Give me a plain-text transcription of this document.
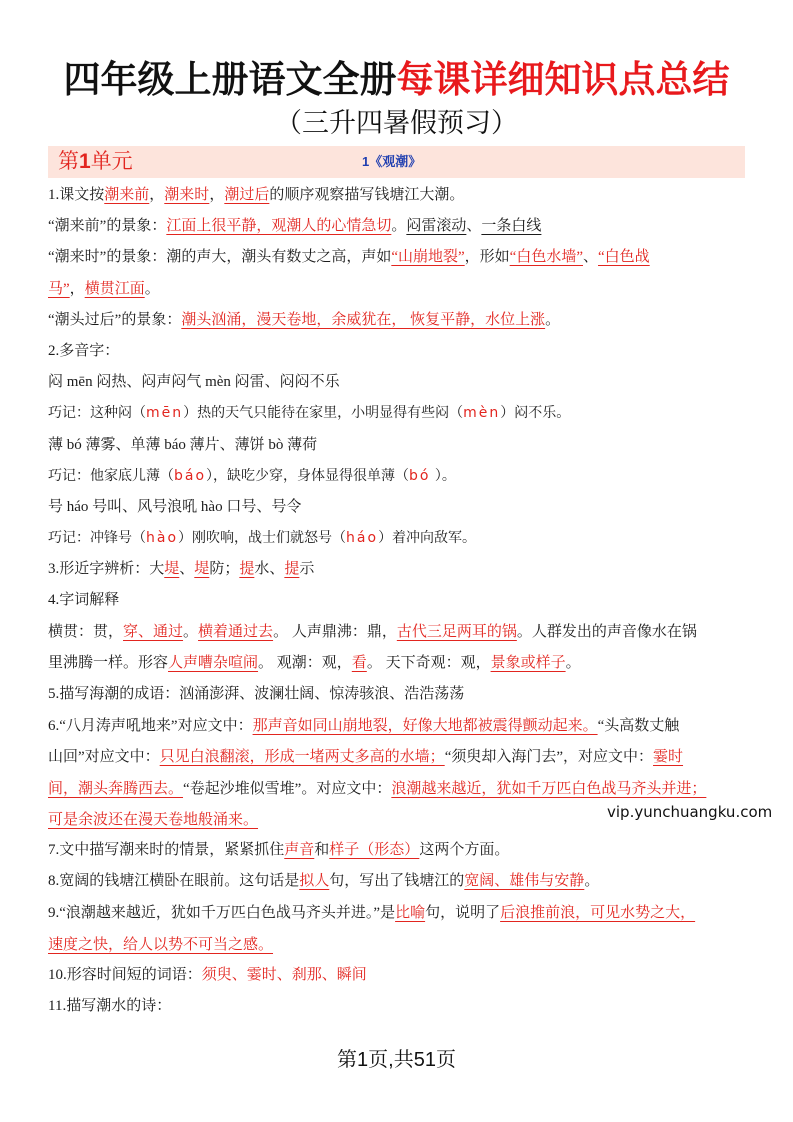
四年级上册语文全册每课详细知识点总结
（三升四暑假预习）
第1单元	1《观潮》
1.课文按 潮来前 ， 潮来时 ， 潮过后 的顺序观察描写钱塘江大潮。
“潮来前”的景象： 江面上很平静，观潮人的心情急切 。 闷雷滚动 、 一条白线
“潮来时”的景象：潮的声大，潮头有数丈之高，声如 “山崩地裂” ，形如 “白色水墙” 、 “白色战
马” ， 横贯江面 。
“潮头过后”的景象： 潮头汹涌，漫天卷地，余威犹在， 恢复平静，水位上涨 。
2.多音字：
闷 mēn 闷热、闷声闷气 mèn 闷雷、闷闷不乐
巧记：这种闷（ mēn ）热的天气只能待在家里，小明显得有些闷（ mèn ）闷不乐。
薄 bó 薄雾、单薄 báo 薄片、薄饼 bò 薄荷
巧记：他家底儿薄（ báo ），缺吃少穿，身体显得很单薄（ bó  ）。
号 háo 号叫、风号浪吼 hào 口号、号令
巧记：冲锋号（ hào ）刚吹响，战士们就怒号（ háo ）着冲向敌军。
3.形近字辨析：大 堤 、 堤 防； 提 水、 提 示
4.字词解释
横贯：贯， 穿、通过 。 横着通过去 。 人声鼎沸：鼎， 古代三足两耳的锅 。人群发出的声音像水在锅
里沸腾一样。形容 人声嘈杂喧闹 。 观潮：观， 看 。 天下奇观：观， 景象或样子 。
5.描写海潮的成语：汹涌澎湃、波澜壮阔、惊涛骇浪、浩浩荡荡
6.“八月涛声吼地来”对应文中： 那声音如同山崩地裂，好像大地都被震得颤动起来。 “头高数丈触
山回”对应文中： 只见白浪翻滚，形成一堵两丈多高的水墙； “须臾却入海门去”，对应文中： 霎时
间，潮头奔腾西去。 “卷起沙堆似雪堆”。对应文中： 浪潮越来越近，犹如千万匹白色战马齐头并进；
可是余波还在漫天卷地般涌来。
7.文中描写潮来时的情景，紧紧抓住 声音 和 样子（形态） 这两个方面。
8.宽阔的钱塘江横卧在眼前。这句话是 拟人 句，写出了钱塘江的 宽阔、雄伟与安静 。
9.“浪潮越来越近，犹如千万匹白色战马齐头并进。”是 比喻 句，说明了 后浪推前浪，可见水势之大，
速度之快，给人以势不可当之感。
10.形容时间短的词语： 须臾、霎时、刹那、瞬间
11.描写潮水的诗：
vip.yunchuangku.com
第1页,共51页
